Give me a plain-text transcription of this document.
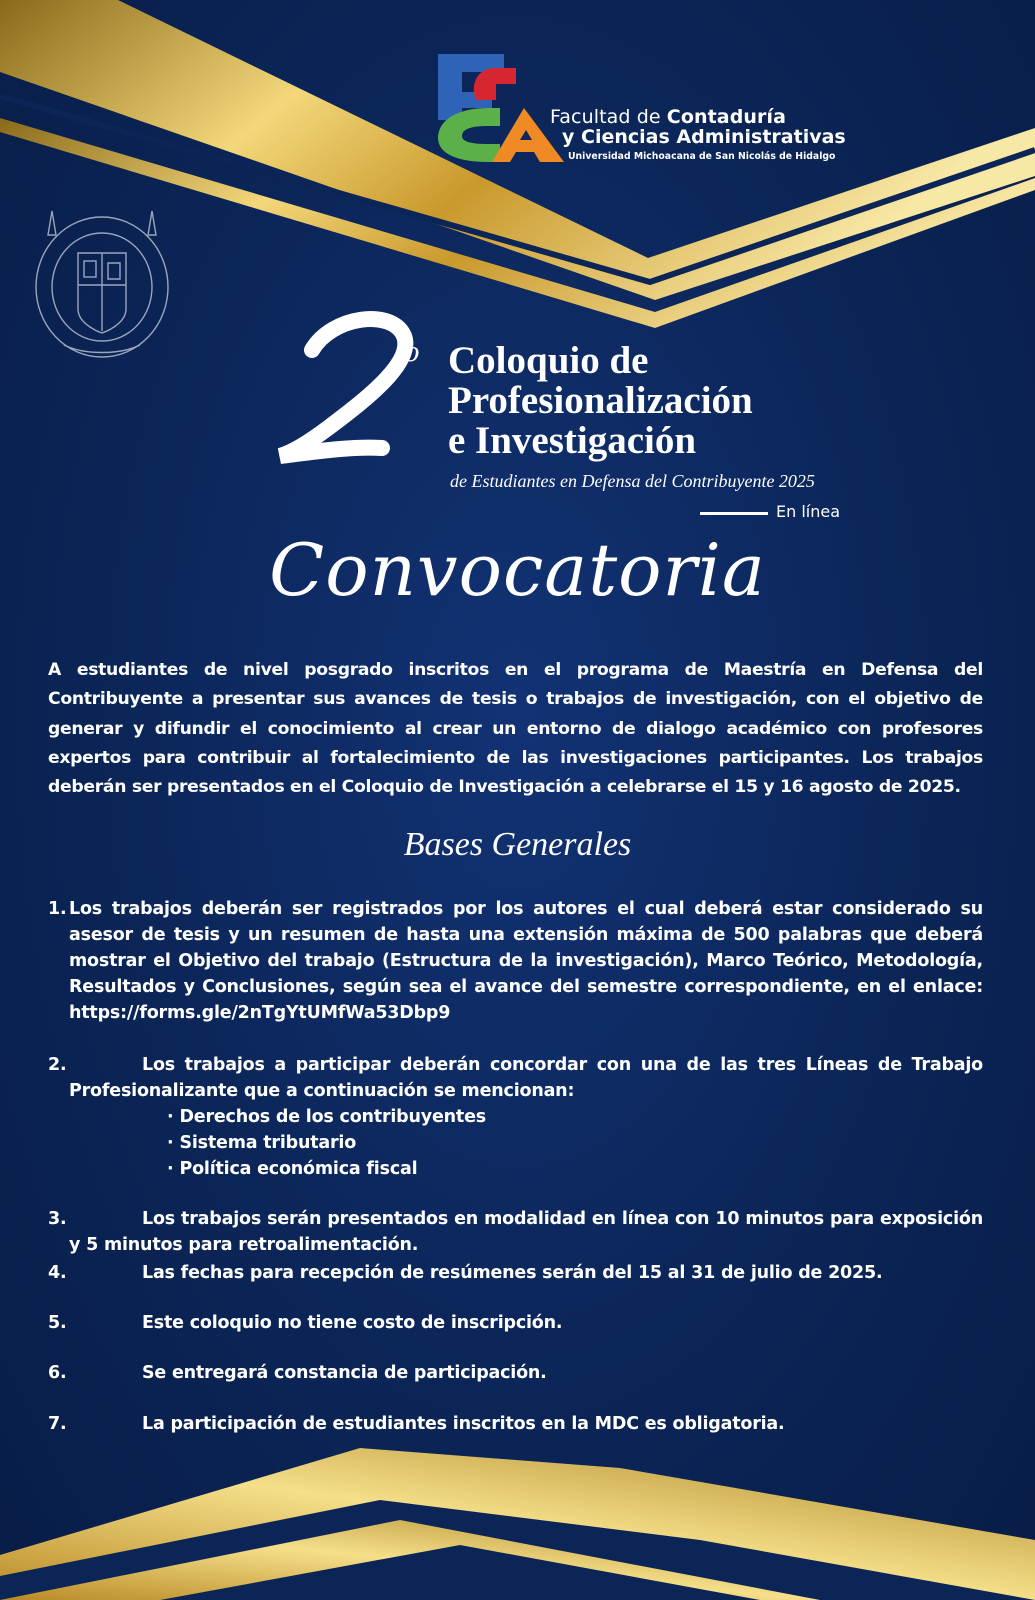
Facultad de Contaduría
y Ciencias Administrativas
Universidad Michoacana de San Nicolás de Hidalgo
o Coloquio de
Profesionalización
e Investigación
de Estudiantes en Defensa del Contribuyente 2025
En línea
Convocatoria
A estudiantes de nivel posgrado inscritos en el programa de Maestría en Defensa del Contribuyente a presentar sus avances de tesis o trabajos de investigación, con el objetivo de generar y difundir el conocimiento al crear un entorno de dialogo académico con profesores expertos para contribuir al fortalecimiento de las investigaciones participantes. Los trabajos deberán ser presentados en el Coloquio de Investigación a celebrarse el 15 y 16 agosto de 2025.
Bases Generales
1. Los trabajos deberán ser registrados por los autores el cual deberá estar considerado su asesor de tesis y un resumen de hasta una extensión máxima de 500 palabras que deberá mostrar el Objetivo del trabajo (Estructura de la investigación), Marco Teórico, Metodología, Resultados y Conclusiones, según sea el avance del semestre correspondiente, en el enlace: https://forms.gle/2nTgYtUMfWa53Dbp9
2.	Los trabajos a participar deberán concordar con una de las tres Líneas de Trabajo Profesionalizante que a continuación se mencionan:
· Derechos de los contribuyentes
· Sistema tributario
· Política económica fiscal
3.	Los trabajos serán presentados en modalidad en línea con 10 minutos para exposición y 5 minutos para retroalimentación.
4.	Las fechas para recepción de resúmenes serán del 15 al 31 de julio de 2025.
5.	Este coloquio no tiene costo de inscripción.
6.	Se entregará constancia de participación.
7.	La participación de estudiantes inscritos en la MDC es obligatoria.
